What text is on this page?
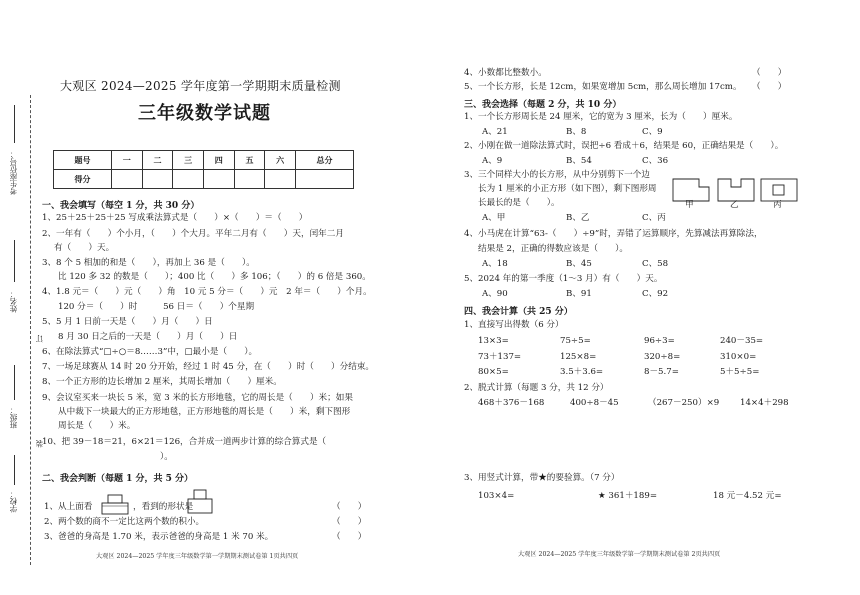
考生座位号：
姓名：
订
班级：
装
学校：
大观区 2024—2025 学年度第一学期期末质量检测
三年级数学试题
题号	一	二	三	四	五	六	总分
得分							
一、我会填写（每空 1 分，共 30 分）
1、25＋25＋25＋25 写成乘法算式是（　　）×（　　）＝（　　）
2、一年有（　　）个小月，（　　）个大月。平年二月有（　　）天，闰年二月
有（　　）天。
3、8 个 5 相加的和是（　　），再加上 36 是（　　）。
比 120 多 32 的数是（　　）；400 比（　　）多 106；（　　）的 6 倍是 360。
4、1.8 元＝（　　）元（　　）角　10 元 5 分＝（　　）元　2 年＝（　　）个月。
120 分＝（　　）时　　　56 日＝（　　）个星期
5、5 月 1 日前一天是（　　）月（　　）日
8 月 30 日之后的一天是（　　）月（　　）日
6、在除法算式“□÷○＝8……3”中，□最小是（　　）。
7、一场足球赛从 14 时 20 分开始，经过 1 时 45 分，在（　　）时（　　）分结束。
8、一个正方形的边长增加 2 厘米，其周长增加（　　）厘米。
9、会议室买来一块长 5 米，宽 3 米的长方形地毯，它的周长是（　　）米；如果
从中裁下一块最大的正方形地毯，正方形地毯的周长是（　　）米，剩下图形
周长是（　　）米。
10、把 39－18＝21，6×21＝126，合并成一道两步计算的综合算式是（
）。
二、我会判断（每题 1 分，共 5 分）
1、从上面看	，看到的形状是	（　　）
2、两个数的商不一定比这两个数的积小。	（　　）
3、爸爸的身高是 1.70 米，表示爸爸的身高是 1 米 70 米。	（　　）
大观区 2024—2025 学年度三年级数学第一学期期末测试卷第 1页共四页
4、小数都比整数小。	（　　）
5、一个长方形，长是 12cm，如果宽增加 5cm，那么周长增加 17cm。 （　　）
三、我会选择（每题 2 分，共 10 分）
1、一个长方形周长是 24 厘米，它的宽为 3 厘米，长为（　　）厘米。
A、21	B、8	C、9
2、小刚在做一道除法算式时，误把÷6 看成＋6，结果是 60，正确结果是（　　）。
A、9	B、54	C、36
3、三个同样大小的长方形，从中分别剪下一个边
长为 1 厘米的小正方形（如下图），剩下图形周
长最长的是（　　）。
A、甲	B、乙	C、丙
甲	乙	丙
4、小马虎在计算“63-（　　）÷9”时，弄错了运算顺序，先算减法再算除法，
结果是 2，正确的得数应该是（　　）。
A、18	B、45	C、58
5、2024 年的第一季度（1～3 月）有（　　）天。
A、90	B、91	C、92
四、我会计算（共 25 分）
1、直接写出得数（6 分）
13×3=	75÷5=	96÷3=	240－35=
73＋137=	125×8=	320÷8=	310×0=
80×5=	3.5＋3.6=	8－5.7=	5＋5÷5=
2、脱式计算（每题 3 分，共 12 分）
468＋376－168	400÷8－45	（267－250）×9 14×4＋298
3、用竖式计算，带★的要验算。（7 分）
103×4=	★ 361＋189=	18 元－4.52 元=
大观区 2024—2025 学年度三年级数学第一学期期末测试卷第 2页共四页
